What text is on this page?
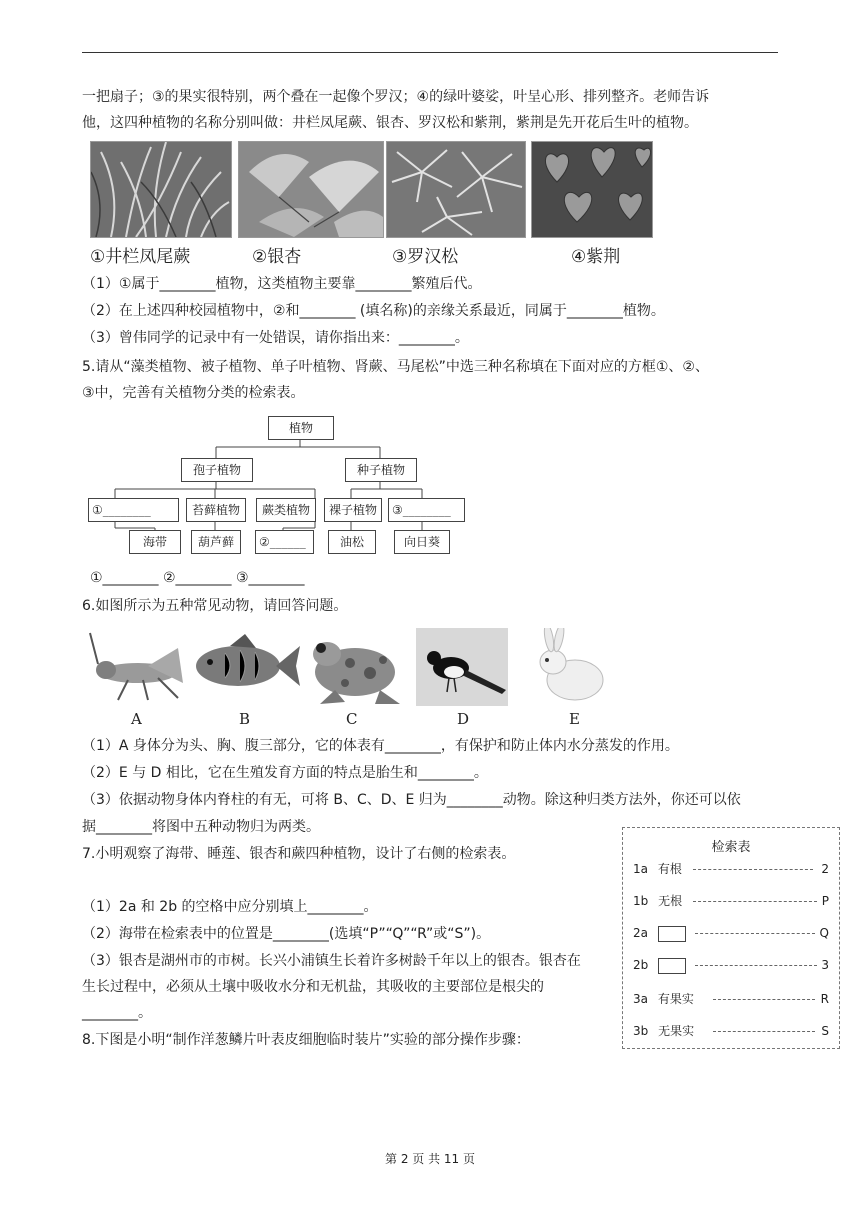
一把扇子；③的果实很特别，两个叠在一起像个罗汉；④的绿叶婆娑，叶呈心形、排列整齐。老师告诉
他，这四种植物的名称分别叫做：井栏凤尾蕨、银杏、罗汉松和紫荆，紫荆是先开花后生叶的植物。
①井栏凤尾蕨	②银杏	③罗汉松	④紫荆
（1）①属于________植物，这类植物主要靠________繁殖后代。
（2）在上述四种校园植物中，②和________ (填名称)的亲缘关系最近，同属于________植物。
（3）曾伟同学的记录中有一处错误，请你指出来：________。
5.请从“藻类植物、被子植物、单子叶植物、肾蕨、马尾松”中选三种名称填在下面对应的方框①、②、
③中，完善有关植物分类的检索表。
植物
孢子植物	种子植物
①________	苔藓植物	蕨类植物	裸子植物	③________
海带	葫芦藓	②______	油松	向日葵
①________ ②________ ③________
6.如图所示为五种常见动物，请回答问题。
A	B	C	D	E
（1）A 身体分为头、胸、腹三部分，它的体表有________，有保护和防止体内水分蒸发的作用。
（2）E 与 D 相比，它在生殖发育方面的特点是胎生和________。
（3）依据动物身体内脊柱的有无，可将 B、C、D、E 归为________动物。除这种归类方法外，你还可以依
据________将图中五种动物归为两类。
7.小明观察了海带、睡莲、银杏和蕨四种植物，设计了右侧的检索表。
（1）2a 和 2b 的空格中应分别填上________。
（2）海带在检索表中的位置是________(选填“P”“Q”“R”或“S”)。
（3）银杏是湖州市的市树。长兴小浦镇生长着许多树龄千年以上的银杏。银杏在
生长过程中，必须从土壤中吸收水分和无机盐，其吸收的主要部位是根尖的
________。
8.下图是小明“制作洋葱鳞片叶表皮细胞临时装片”实验的部分操作步骤：
检索表
1a 有根	2
1b 无根	P
2a	Q
2b	3
3a 有果实	R
3b 无果实	S
第 2 页 共 11 页
